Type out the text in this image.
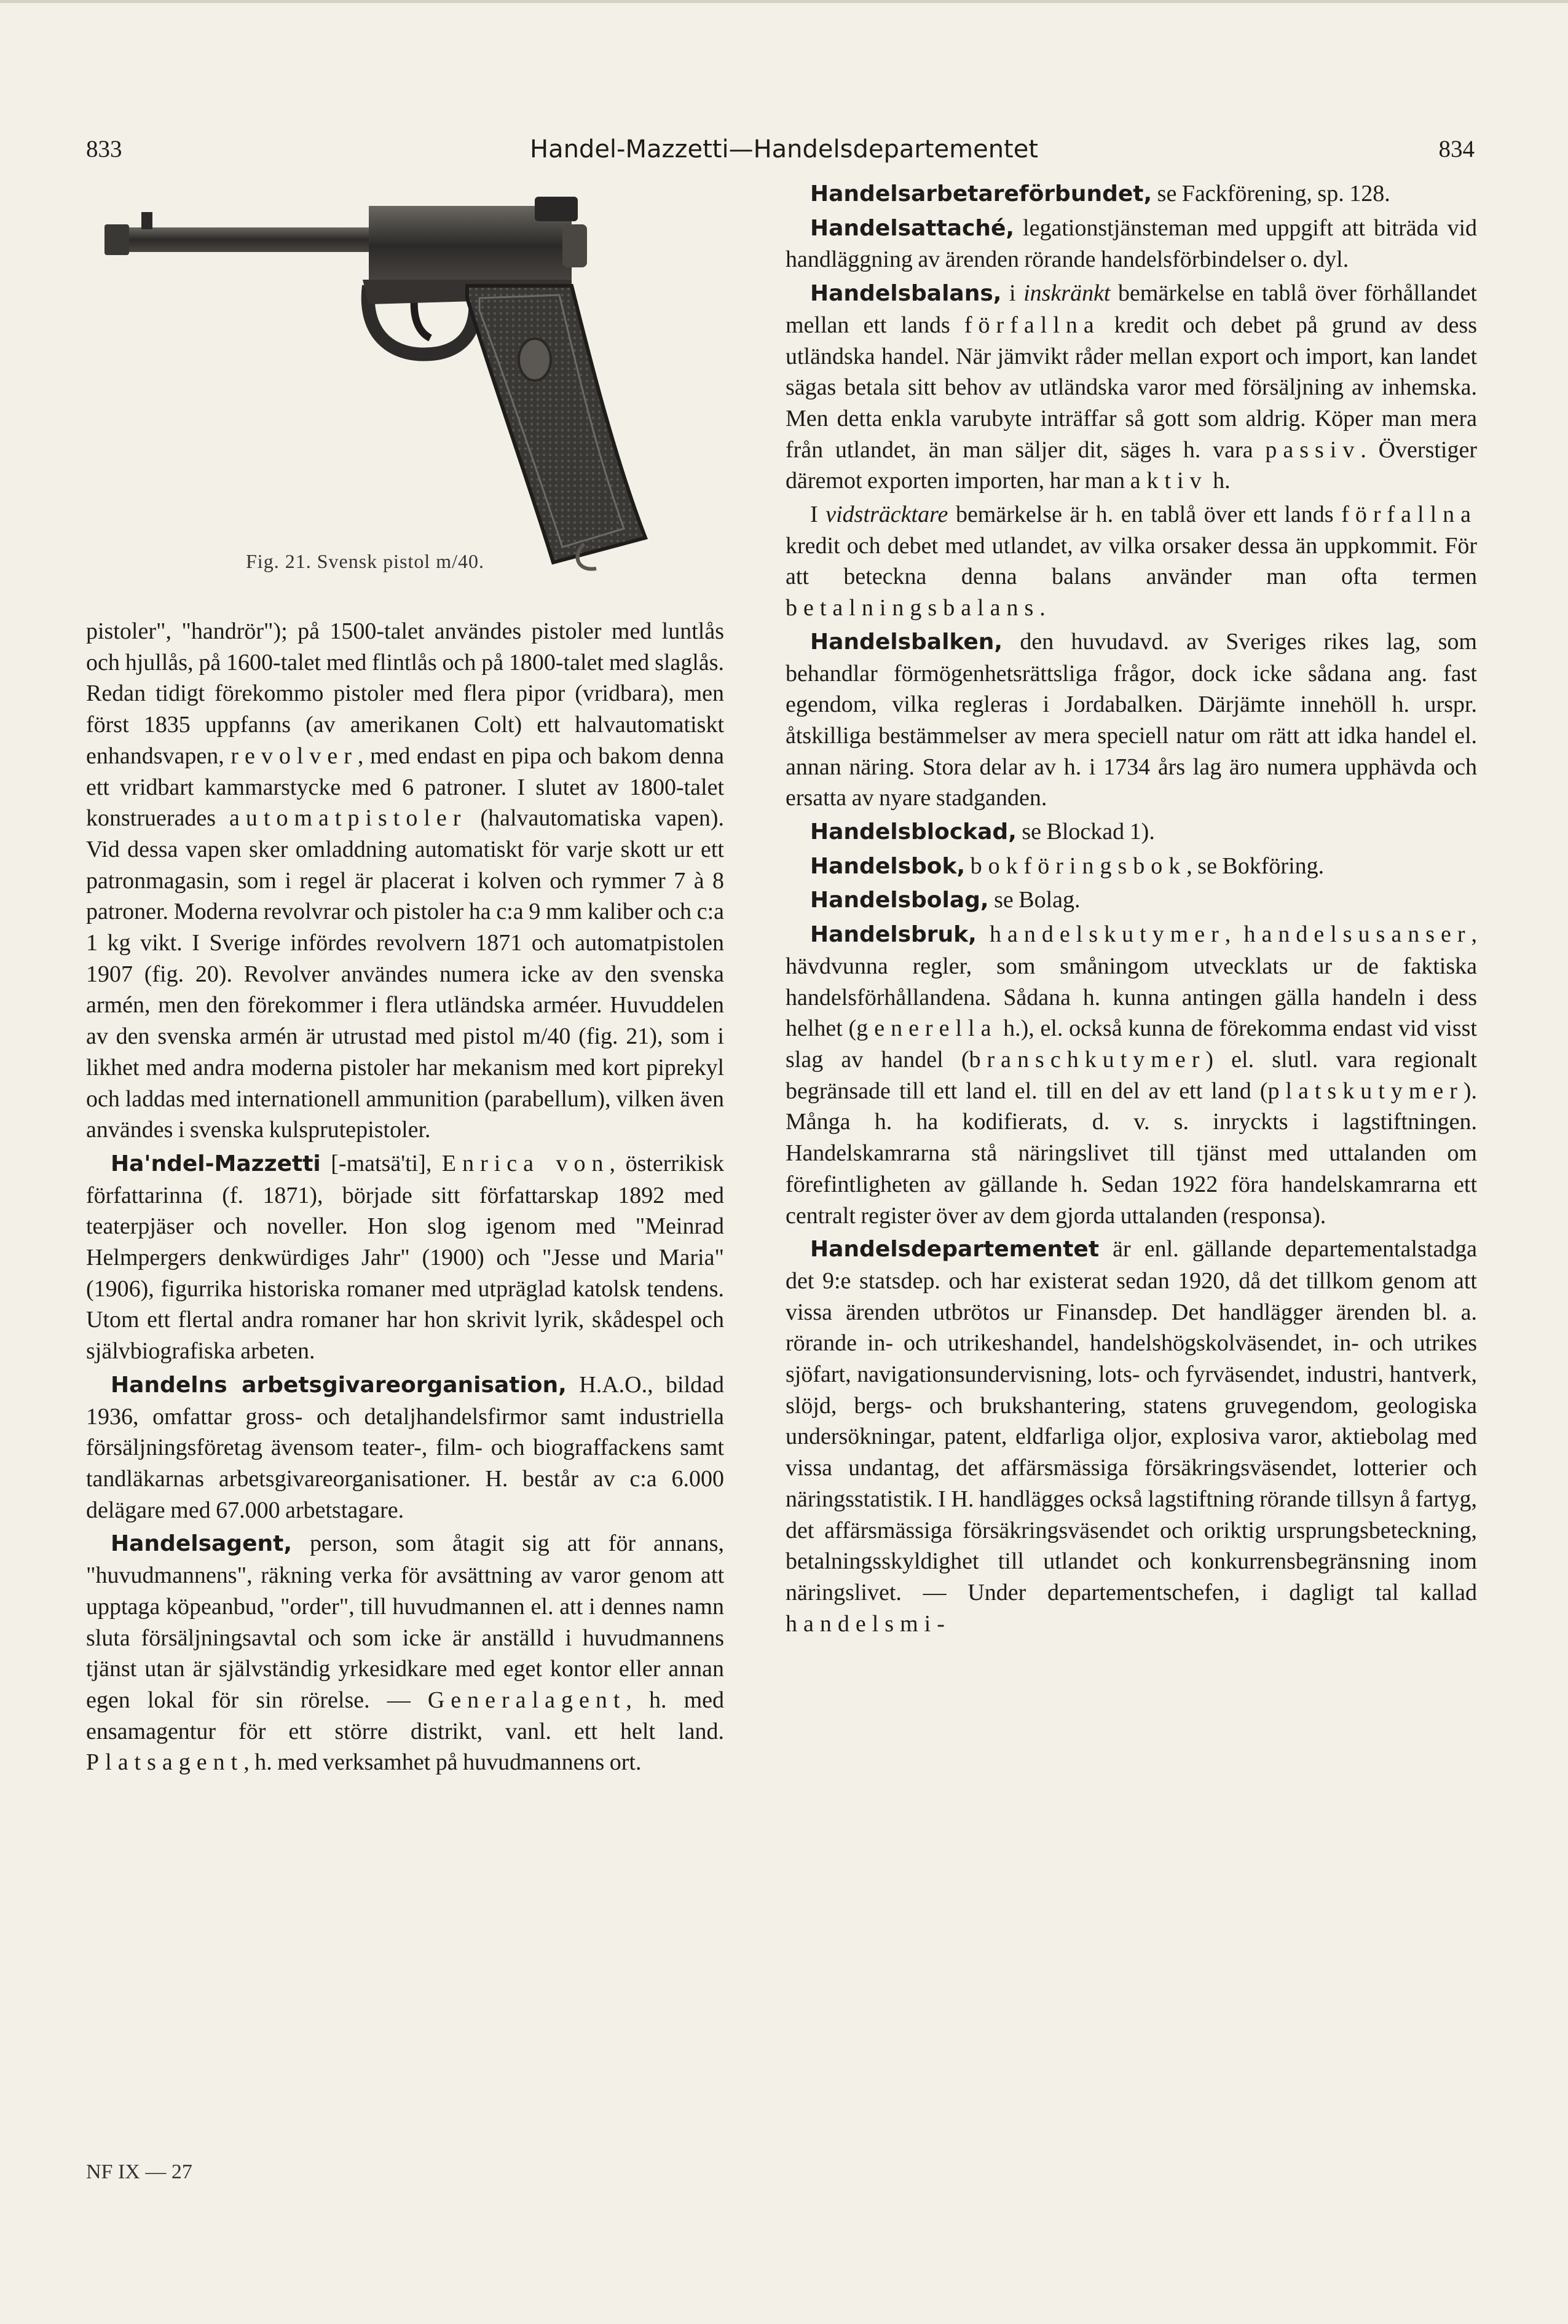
833	Handel-Mazzetti—Handelsdepartementet	834
Fig. 21. Svensk pistol m/40.

pistoler", "handrör"); på 1500-talet användes pistoler med luntlås och hjullås, på 1600-talet med flintlås och på 1800-talet med slaglås. Redan tidigt förekommo pistoler med flera pipor (vridbara), men först 1835 uppfanns (av amerikanen Colt) ett halvautomatiskt enhandsvapen, revolver, med endast en pipa och bakom denna ett vridbart kammarstycke med 6 patroner. I slutet av 1800-talet konstruerades automatpistoler (halvautomatiska vapen). Vid dessa vapen sker omladdning automatiskt för varje skott ur ett patronmagasin, som i regel är placerat i kolven och rymmer 7 à 8 patroner. Moderna revolvrar och pistoler ha c:a 9 mm kaliber och c:a 1 kg vikt. I Sverige infördes revolvern 1871 och automatpistolen 1907 (fig. 20). Revolver användes numera icke av den svenska armén, men den förekommer i flera utländska arméer. Huvuddelen av den svenska armén är utrustad med pistol m/40 (fig. 21), som i likhet med andra moderna pistoler har mekanism med kort piprekyl och laddas med internationell ammunition (parabellum), vilken även användes i svenska kulsprutepistoler.

Ha'ndel-Mazzetti [-matsä'ti], Enrica von, österrikisk författarinna (f. 1871), började sitt författarskap 1892 med teaterpjäser och noveller. Hon slog igenom med "Meinrad Helmpergers denkwürdiges Jahr" (1900) och "Jesse und Maria" (1906), figurrika historiska romaner med utpräglad katolsk tendens. Utom ett flertal andra romaner har hon skrivit lyrik, skådespel och självbiografiska arbeten.

Handelns arbetsgivareorganisation, H.A.O., bildad 1936, omfattar gross- och detaljhandelsfirmor samt industriella försäljningsföretag ävensom teater-, film- och biograffackens samt tandläkarnas arbetsgivareorganisationer. H. består av c:a 6.000 delägare med 67.000 arbetstagare.

Handelsagent, person, som åtagit sig att för annans, "huvudmannens", räkning verka för avsättning av varor genom att upptaga köpeanbud, "order", till huvudmannen el. att i dennes namn sluta försäljningsavtal och som icke är anställd i huvudmannens tjänst utan är självständig yrkesidkare med eget kontor eller annan egen lokal för sin rörelse. — Generalagent, h. med ensamagentur för ett större distrikt, vanl. ett helt land. Platsagent, h. med verksamhet på huvudmannens ort.

Handelsarbetareförbundet, se Fackförening, sp. 128.

Handelsattaché, legationstjänsteman med uppgift att biträda vid handläggning av ärenden rörande handelsförbindelser o. dyl.

Handelsbalans, i inskränkt bemärkelse en tablå över förhållandet mellan ett lands förfallna kredit och debet på grund av dess utländska handel. När jämvikt råder mellan export och import, kan landet sägas betala sitt behov av utländska varor med försäljning av inhemska. Men detta enkla varubyte inträffar så gott som aldrig. Köper man mera från utlandet, än man säljer dit, säges h. vara passiv. Överstiger däremot exporten importen, har man aktiv h.

I vidsträcktare bemärkelse är h. en tablå över ett lands förfallna kredit och debet med utlandet, av vilka orsaker dessa än uppkommit. För att beteckna denna balans använder man ofta termen betalningsbalans.

Handelsbalken, den huvudavd. av Sveriges rikes lag, som behandlar förmögenhetsrättsliga frågor, dock icke sådana ang. fast egendom, vilka regleras i Jordabalken. Därjämte innehöll h. urspr. åtskilliga bestämmelser av mera speciell natur om rätt att idka handel el. annan näring. Stora delar av h. i 1734 års lag äro numera upphävda och ersatta av nyare stadganden.

Handelsblockad, se Blockad 1).

Handelsbok, bokföringsbok, se Bokföring.

Handelsbolag, se Bolag.

Handelsbruk, handelskutymer, handelsusanser, hävdvunna regler, som småningom utvecklats ur de faktiska handelsförhållandena. Sådana h. kunna antingen gälla handeln i dess helhet (generella h.), el. också kunna de förekomma endast vid visst slag av handel (branschkutymer) el. slutl. vara regionalt begränsade till ett land el. till en del av ett land (platskutymer). Många h. ha kodifierats, d. v. s. inryckts i lagstiftningen. Handelskamrarna stå näringslivet till tjänst med uttalanden om förefintligheten av gällande h. Sedan 1922 föra handelskamrarna ett centralt register över av dem gjorda uttalanden (responsa).

Handelsdepartementet är enl. gällande departementalstadga det 9:e statsdep. och har existerat sedan 1920, då det tillkom genom att vissa ärenden utbrötos ur Finansdep. Det handlägger ärenden bl. a. rörande in- och utrikeshandel, handelshögskolväsendet, in- och utrikes sjöfart, navigationsundervisning, lots- och fyrväsendet, industri, hantverk, slöjd, bergs- och brukshantering, statens gruvegendom, geologiska undersökningar, patent, eldfarliga oljor, explosiva varor, aktiebolag med vissa undantag, det affärsmässiga försäkringsväsendet, lotterier och näringsstatistik. I H. handlägges också lagstiftning rörande tillsyn å fartyg, det affärsmässiga försäkringsväsendet och oriktig ursprungsbeteckning, betalningsskyldighet till utlandet och konkurrensbegränsning inom näringslivet. — Under departementschefen, i dagligt tal kallad handelsmi-

NF IX — 27
